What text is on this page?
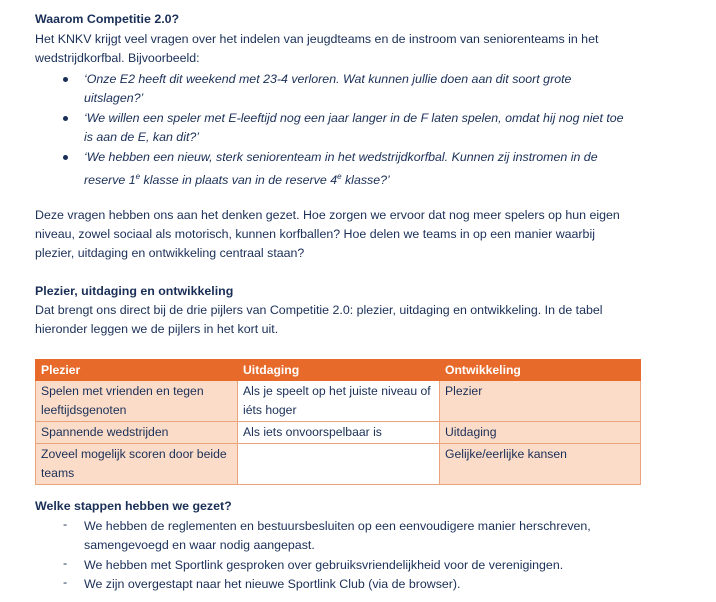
Waarom Competitie 2.0?
Het KNKV krijgt veel vragen over het indelen van jeugdteams en de instroom van seniorenteams in het
wedstrijdkorfbal. Bijvoorbeeld:
‘Onze E2 heeft dit weekend met 23-4 verloren. Wat kunnen jullie doen aan dit soort grote
uitslagen?’
‘We willen een speler met E-leeftijd nog een jaar langer in de F laten spelen, omdat hij nog niet toe
is aan de E, kan dit?’
‘We hebben een nieuw, sterk seniorenteam in het wedstrijdkorfbal. Kunnen zij instromen in de
reserve 1e klasse in plaats van in de reserve 4e klasse?’
Deze vragen hebben ons aan het denken gezet. Hoe zorgen we ervoor dat nog meer spelers op hun eigen
niveau, zowel sociaal als motorisch, kunnen korfballen? Hoe delen we teams in op een manier waarbij
plezier, uitdaging en ontwikkeling centraal staan?
Plezier, uitdaging en ontwikkeling
Dat brengt ons direct bij de drie pijlers van Competitie 2.0: plezier, uitdaging en ontwikkeling. In de tabel
hieronder leggen we de pijlers in het kort uit.
Plezier	Uitdaging	Ontwikkeling
Spelen met vrienden en tegen leeftijdsgenoten	Als je speelt op het juiste niveau of iéts hoger	Plezier
Spannende wedstrijden	Als iets onvoorspelbaar is	Uitdaging
Zoveel mogelijk scoren door beide teams		Gelijke/eerlijke kansen
Welke stappen hebben we gezet?
- We hebben de reglementen en bestuursbesluiten op een eenvoudigere manier herschreven,
samengevoegd en waar nodig aangepast.
- We hebben met Sportlink gesproken over gebruiksvriendelijkheid voor de verenigingen.
- We zijn overgestapt naar het nieuwe Sportlink Club (via de browser).
